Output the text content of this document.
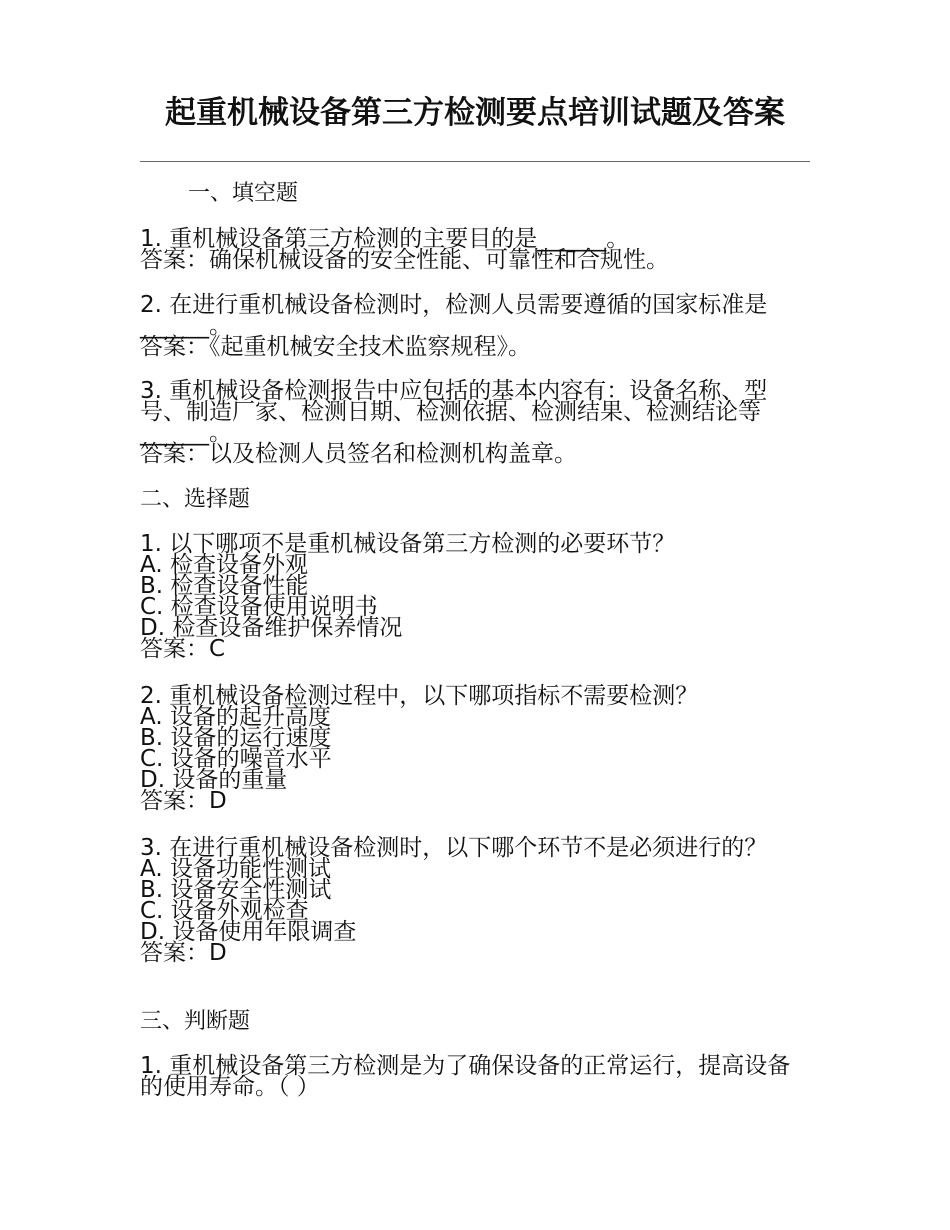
起重机械设备第三方检测要点培训试题及答案
一、填空题

1. 重机械设备第三方检测的主要目的是______。

答案：确保机械设备的安全性能、可靠性和合规性。

2. 在进行重机械设备检测时，检测人员需要遵循的国家标准是______。

答案：《起重机械安全技术监察规程》。

3. 重机械设备检测报告中应包括的基本内容有：设备名称、型号、制造厂家、检测日期、检测依据、检测结果、检测结论等______。

答案：以及检测人员签名和检测机构盖章。

二、选择题

1. 以下哪项不是重机械设备第三方检测的必要环节？

A. 检查设备外观

B. 检查设备性能

C. 检查设备使用说明书

D. 检查设备维护保养情况

答案：C

2. 重机械设备检测过程中，以下哪项指标不需要检测？

A. 设备的起升高度

B. 设备的运行速度

C. 设备的噪音水平

D. 设备的重量

答案：D

3. 在进行重机械设备检测时，以下哪个环节不是必须进行的？

A. 设备功能性测试

B. 设备安全性测试

C. 设备外观检查

D. 设备使用年限调查

答案：D

三、判断题

1. 重机械设备第三方检测是为了确保设备的正常运行，提高设备的使用寿命。（ ）
